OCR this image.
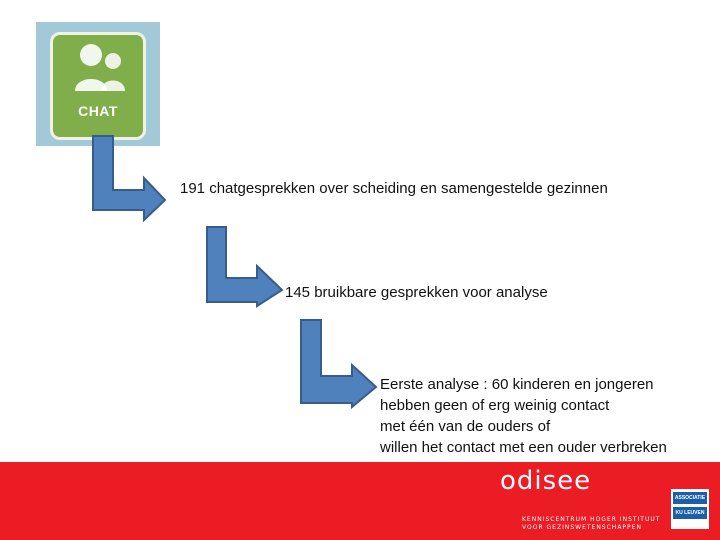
CHAT
191 chatgesprekken over scheiding en samengestelde gezinnen
145 bruikbare gesprekken voor analyse
Eerste analyse : 60 kinderen en jongeren
hebben geen of erg weinig contact
met één van de ouders of
willen het contact met een ouder verbreken
odisee
KENNISCENTRUM HOGER INSTITUUT
VOOR GEZINSWETENSCHAPPEN
ASSOCIATIE
KU LEUVEN
